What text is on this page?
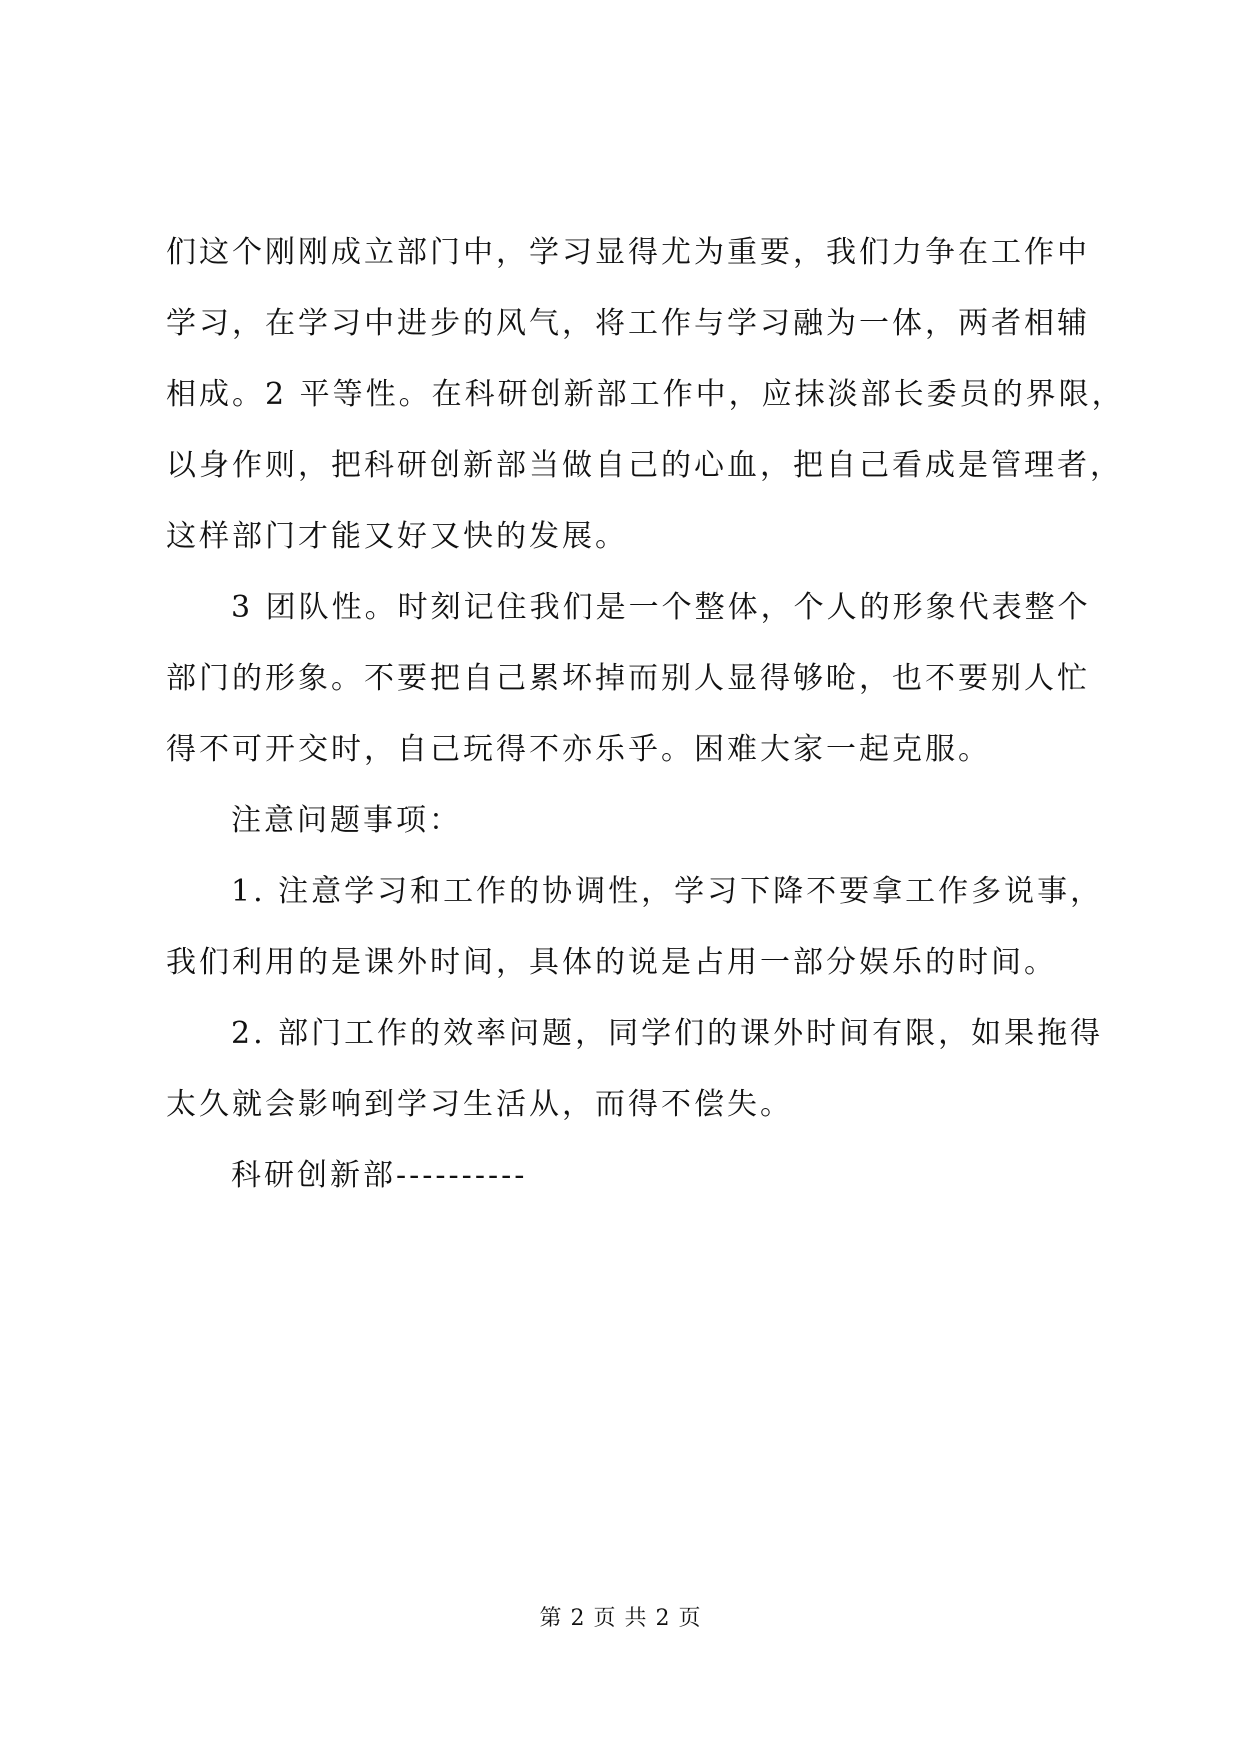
们这个刚刚成立部门中，学习显得尤为重要，我们力争在工作中

学习，在学习中进步的风气，将工作与学习融为一体，两者相辅

相成。2 平等性。在科研创新部工作中，应抹淡部长委员的界限，

以身作则，把科研创新部当做自己的心血，把自己看成是管理者，

这样部门才能又好又快的发展。

3 团队性。时刻记住我们是一个整体，个人的形象代表整个

部门的形象。不要把自己累坏掉而别人显得够呛，也不要别人忙

得不可开交时，自己玩得不亦乐乎。困难大家一起克服。

注意问题事项：

1. 注意学习和工作的协调性，学习下降不要拿工作多说事，

我们利用的是课外时间，具体的说是占用一部分娱乐的时间。

2. 部门工作的效率问题，同学们的课外时间有限，如果拖得

太久就会影响到学习生活从，而得不偿失。

科研创新部----------

第 2 页 共 2 页
